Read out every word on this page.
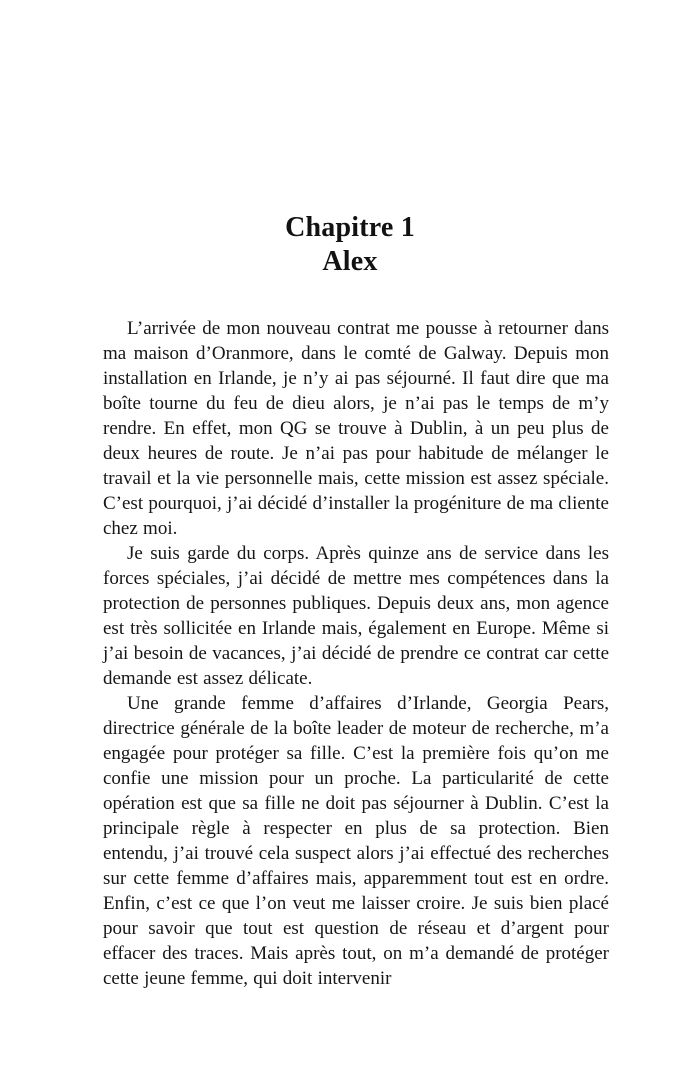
Chapitre 1
Alex

L’arrivée de mon nouveau contrat me pousse à retourner dans ma maison d’Oranmore, dans le comté de Galway. Depuis mon installation en Irlande, je n’y ai pas séjourné. Il faut dire que ma boîte tourne du feu de dieu alors, je n’ai pas le temps de m’y rendre. En effet, mon QG se trouve à Dublin, à un peu plus de deux heures de route. Je n’ai pas pour habitude de mélanger le travail et la vie personnelle mais, cette mission est assez spéciale. C’est pourquoi, j’ai décidé d’installer la progéniture de ma cliente chez moi.

Je suis garde du corps. Après quinze ans de service dans les forces spéciales, j’ai décidé de mettre mes compétences dans la protection de personnes publiques. Depuis deux ans, mon agence est très sollicitée en Irlande mais, également en Europe. Même si j’ai besoin de vacances, j’ai décidé de prendre ce contrat car cette demande est assez délicate.

Une grande femme d’affaires d’Irlande, Georgia Pears, directrice générale de la boîte leader de moteur de recherche, m’a engagée pour protéger sa fille. C’est la première fois qu’on me confie une mission pour un proche. La particularité de cette opération est que sa fille ne doit pas séjourner à Dublin. C’est la principale règle à respecter en plus de sa protection. Bien entendu, j’ai trouvé cela suspect alors j’ai effectué des recherches sur cette femme d’affaires mais, apparemment tout est en ordre. Enfin, c’est ce que l’on veut me laisser croire. Je suis bien placé pour savoir que tout est question de réseau et d’argent pour effacer des traces. Mais après tout, on m’a demandé de protéger cette jeune femme, qui doit intervenir
